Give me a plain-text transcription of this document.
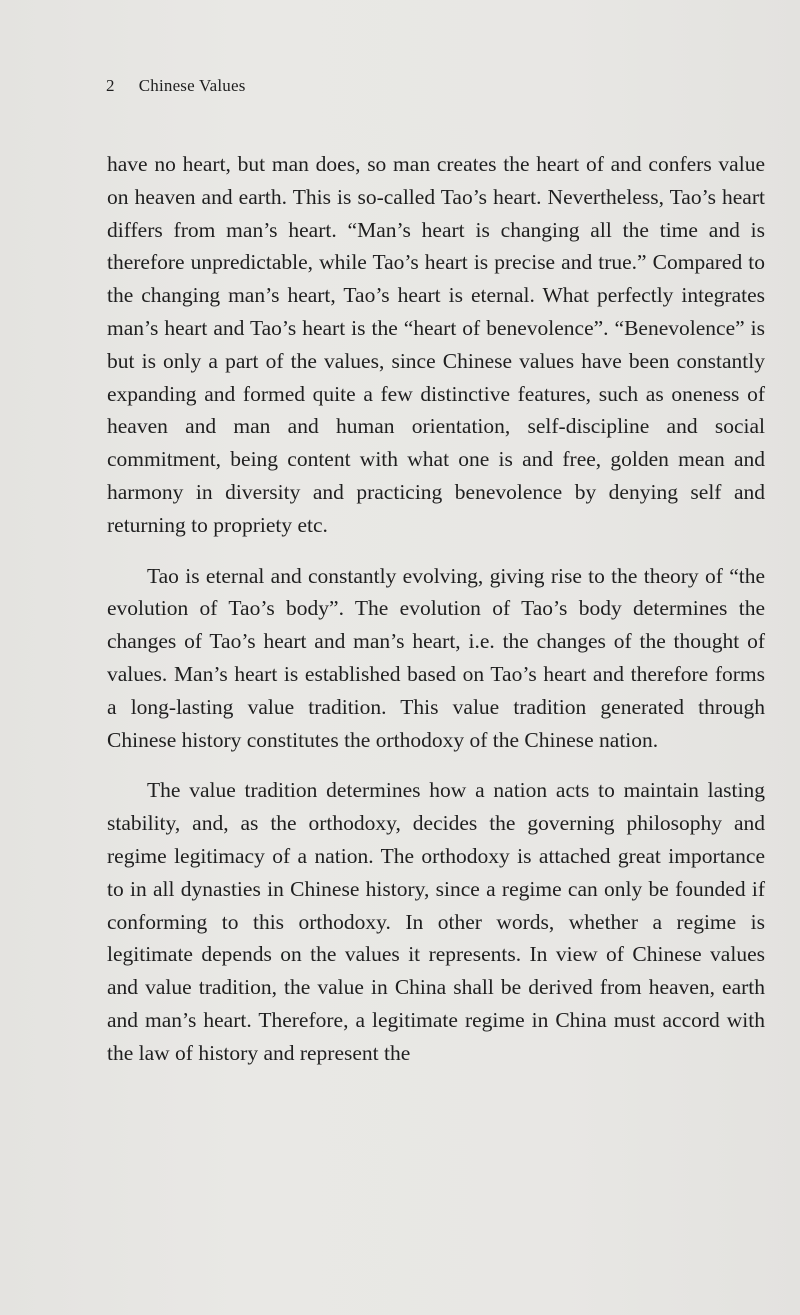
2 Chinese Values

have no heart, but man does, so man creates the heart of and confers value on heaven and earth. This is so-called Tao’s heart. Nevertheless, Tao’s heart differs from man’s heart. “Man’s heart is changing all the time and is therefore unpredictable, while Tao’s heart is precise and true.” Compared to the changing man’s heart, Tao’s heart is eternal. What perfectly integrates man’s heart and Tao’s heart is the “heart of benevolence”. “Benevolence” is but is only a part of the values, since Chinese values have been constantly expanding and formed quite a few distinctive features, such as oneness of heaven and man and human orientation, self-discipline and social commitment, being content with what one is and free, golden mean and harmony in diversity and practicing benevolence by denying self and returning to propriety etc.

Tao is eternal and constantly evolving, giving rise to the theory of “the evolution of Tao’s body”. The evolution of Tao’s body determines the changes of Tao’s heart and man’s heart, i.e. the changes of the thought of values. Man’s heart is established based on Tao’s heart and therefore forms a long-lasting value tradition. This value tradition generated through Chinese history constitutes the orthodoxy of the Chinese nation.

The value tradition determines how a nation acts to maintain lasting stability, and, as the orthodoxy, decides the governing philosophy and regime legitimacy of a nation. The orthodoxy is attached great importance to in all dynasties in Chinese history, since a regime can only be founded if conforming to this orthodoxy. In other words, whether a regime is legitimate depends on the values it represents. In view of Chinese values and value tradition, the value in China shall be derived from heaven, earth and man’s heart. Therefore, a legitimate regime in China must accord with the law of history and represent the
